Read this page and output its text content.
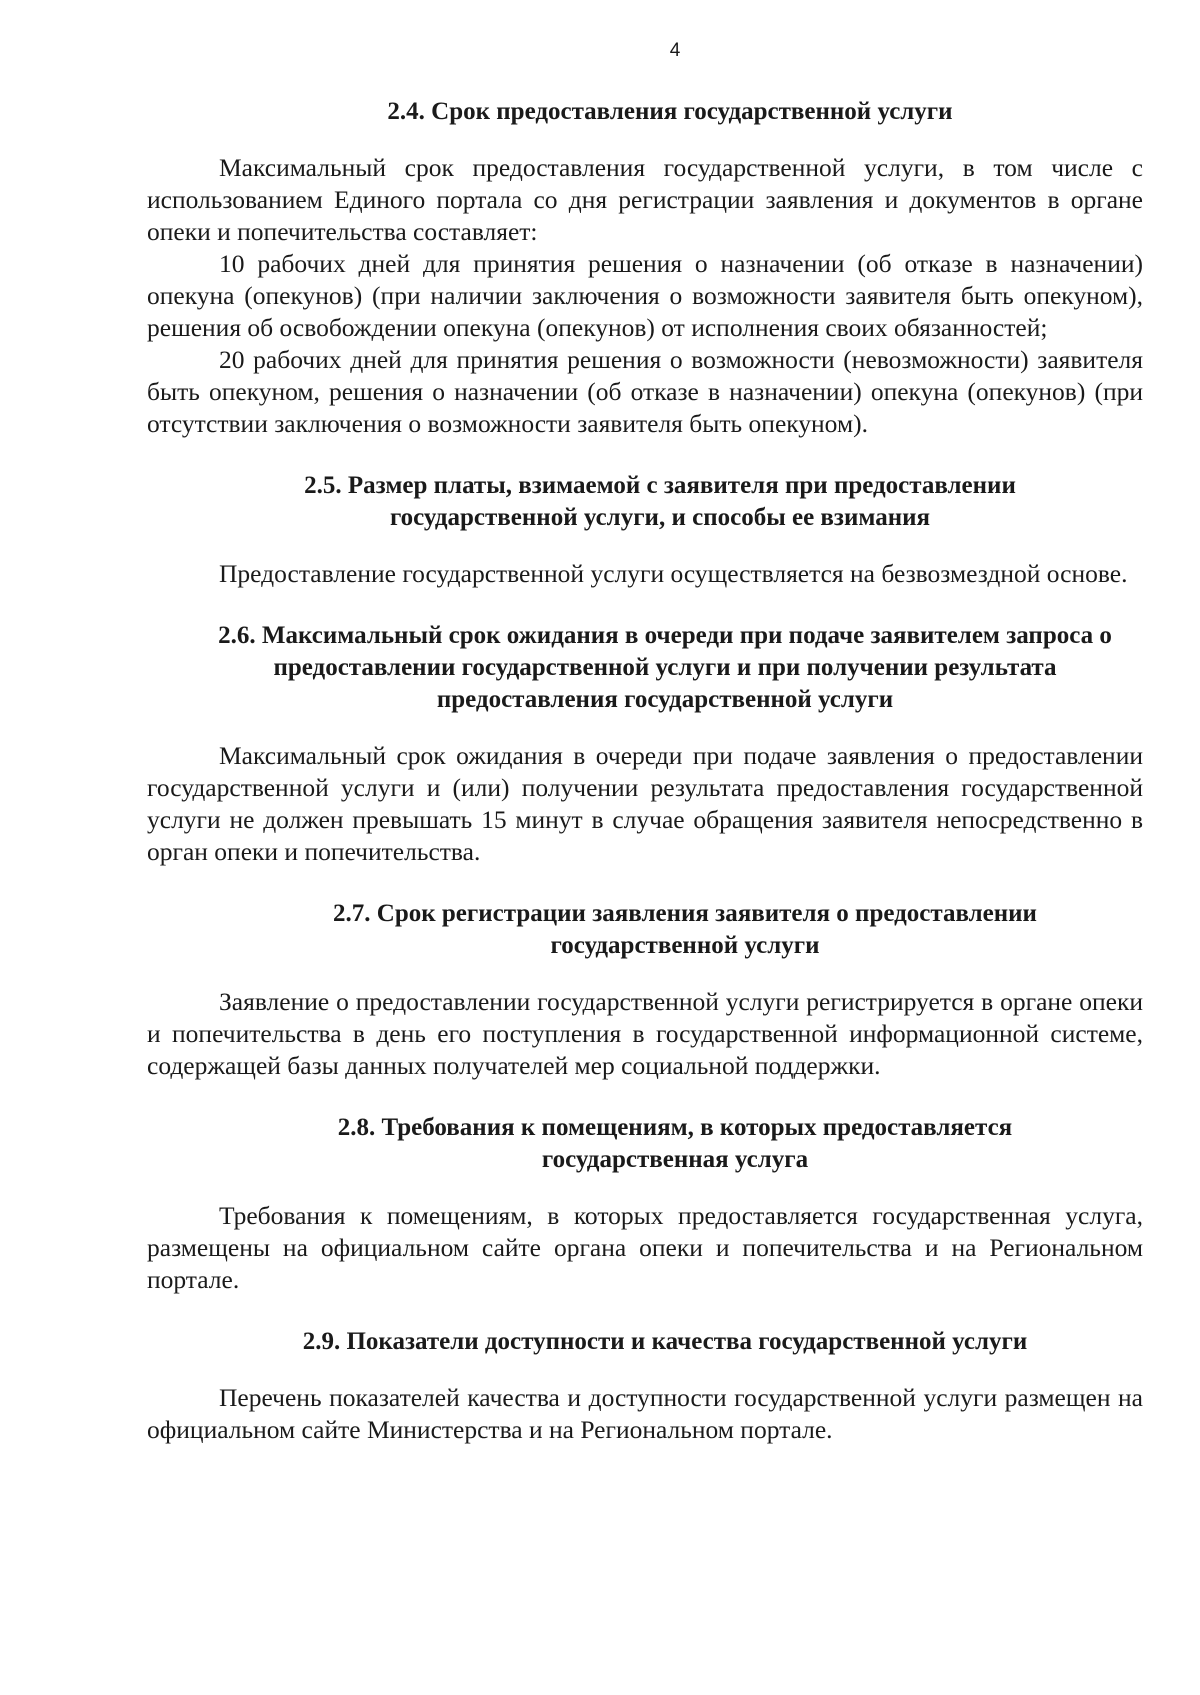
4
2.4. Срок предоставления государственной услуги

Максимальный срок предоставления государственной услуги, в том числе с использованием Единого портала со дня регистрации заявления и документов в органе опеки и попечительства составляет:

10 рабочих дней для принятия решения о назначении (об отказе в назначении) опекуна (опекунов) (при наличии заключения о возможности заявителя быть опекуном), решения об освобождении опекуна (опекунов) от исполнения своих обязанностей;

20 рабочих дней для принятия решения о возможности (невозможности) заявителя быть опекуном, решения о назначении (об отказе в назначении) опекуна (опекунов) (при отсутствии заключения о возможности заявителя быть опекуном).

2.5. Размер платы, взимаемой с заявителя при предоставлении государственной услуги, и способы ее взимания

Предоставление государственной услуги осуществляется на безвозмездной основе.

2.6. Максимальный срок ожидания в очереди при подаче заявителем запроса о предоставлении государственной услуги и при получении результата предоставления государственной услуги

Максимальный срок ожидания в очереди при подаче заявления о предоставлении государственной услуги и (или) получении результата предоставления государственной услуги не должен превышать 15 минут в случае обращения заявителя непосредственно в орган опеки и попечительства.

2.7. Срок регистрации заявления заявителя о предоставлении государственной услуги

Заявление о предоставлении государственной услуги регистрируется в органе опеки и попечительства в день его поступления в государственной информационной системе, содержащей базы данных получателей мер социальной поддержки.

2.8. Требования к помещениям, в которых предоставляется государственная услуга

Требования к помещениям, в которых предоставляется государственная услуга, размещены на официальном сайте органа опеки и попечительства и на Региональном портале.

2.9. Показатели доступности и качества государственной услуги

Перечень показателей качества и доступности государственной услуги размещен на официальном сайте Министерства и на Региональном портале.
